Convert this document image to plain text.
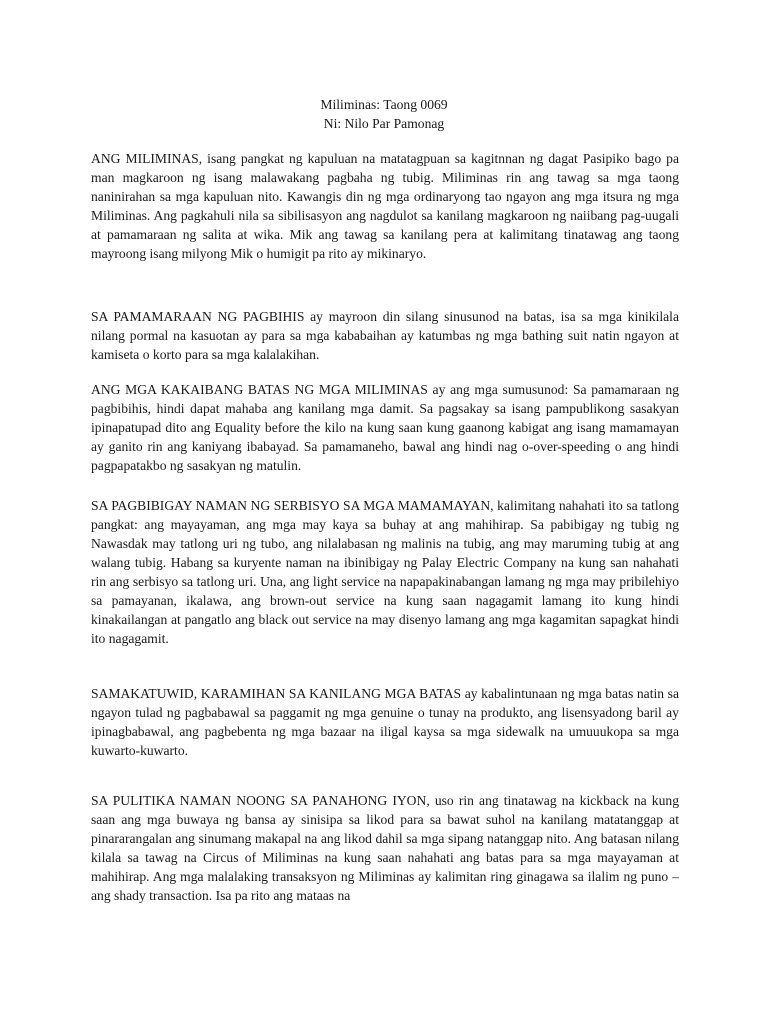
Miliminas: Taong 0069
Ni: Nilo Par Pamonag

ANG MILIMINAS, isang pangkat ng kapuluan na matatagpuan sa kagitnnan ng dagat Pasipiko bago pa man magkaroon ng isang malawakang pagbaha ng tubig. Miliminas rin ang tawag sa mga taong naninirahan sa mga kapuluan nito. Kawangis din ng mga ordinaryong tao ngayon ang mga itsura ng mga Miliminas. Ang pagkahuli nila sa sibilisasyon ang nagdulot sa kanilang magkaroon ng naiibang pag-uugali at pamamaraan ng salita at wika. Mik ang tawag sa kanilang pera at kalimitang tinatawag ang taong mayroong isang milyong Mik o humigit pa rito ay mikinaryo.

SA PAMAMARAAN NG PAGBIHIS ay mayroon din silang sinusunod na batas, isa sa mga kinikilala nilang pormal na kasuotan ay para sa mga kababaihan ay katumbas ng mga bathing suit natin ngayon at kamiseta o korto para sa mga kalalakihan.

ANG MGA KAKAIBANG BATAS NG MGA MILIMINAS ay ang mga sumusunod: Sa pamamaraan ng pagbibihis, hindi dapat mahaba ang kanilang mga damit. Sa pagsakay sa isang pampublikong sasakyan ipinapatupad dito ang Equality before the kilo na kung saan kung gaanong kabigat ang isang mamamayan ay ganito rin ang kaniyang ibabayad. Sa pamamaneho, bawal ang hindi nag o-over-speeding o ang hindi pagpapatakbo ng sasakyan ng matulin.

SA PAGBIBIGAY NAMAN NG SERBISYO SA MGA MAMAMAYAN, kalimitang nahahati ito sa tatlong pangkat: ang mayayaman, ang mga may kaya sa buhay at ang mahihirap. Sa pabibigay ng tubig ng Nawasdak may tatlong uri ng tubo, ang nilalabasan ng malinis na tubig, ang may maruming tubig at ang walang tubig. Habang sa kuryente naman na ibinibigay ng Palay Electric Company na kung san nahahati rin ang serbisyo sa tatlong uri. Una, ang light service na napapakinabangan lamang ng mga may pribilehiyo sa pamayanan, ikalawa, ang brown-out service na kung saan nagagamit lamang ito kung hindi kinakailangan at pangatlo ang black out service na may disenyo lamang ang mga kagamitan sapagkat hindi ito nagagamit.

SAMAKATUWID, KARAMIHAN SA KANILANG MGA BATAS ay kabalintunaan ng mga batas natin sa ngayon tulad ng pagbabawal sa paggamit ng mga genuine o tunay na produkto, ang lisensyadong baril ay ipinagbabawal, ang pagbebenta ng mga bazaar na iligal kaysa sa mga sidewalk na umuuukopa sa mga kuwarto-kuwarto.

SA PULITIKA NAMAN NOONG SA PANAHONG IYON, uso rin ang tinatawag na kickback na kung saan ang mga buwaya ng bansa ay sinisipa sa likod para sa bawat suhol na kanilang matatanggap at pinararangalan ang sinumang makapal na ang likod dahil sa mga sipang natanggap nito. Ang batasan nilang kilala sa tawag na Circus of Miliminas na kung saan nahahati ang batas para sa mga mayayaman at mahihirap. Ang mga malalaking transaksyon ng Miliminas ay kalimitan ring ginagawa sa ilalim ng puno – ang shady transaction. Isa pa rito ang mataas na
